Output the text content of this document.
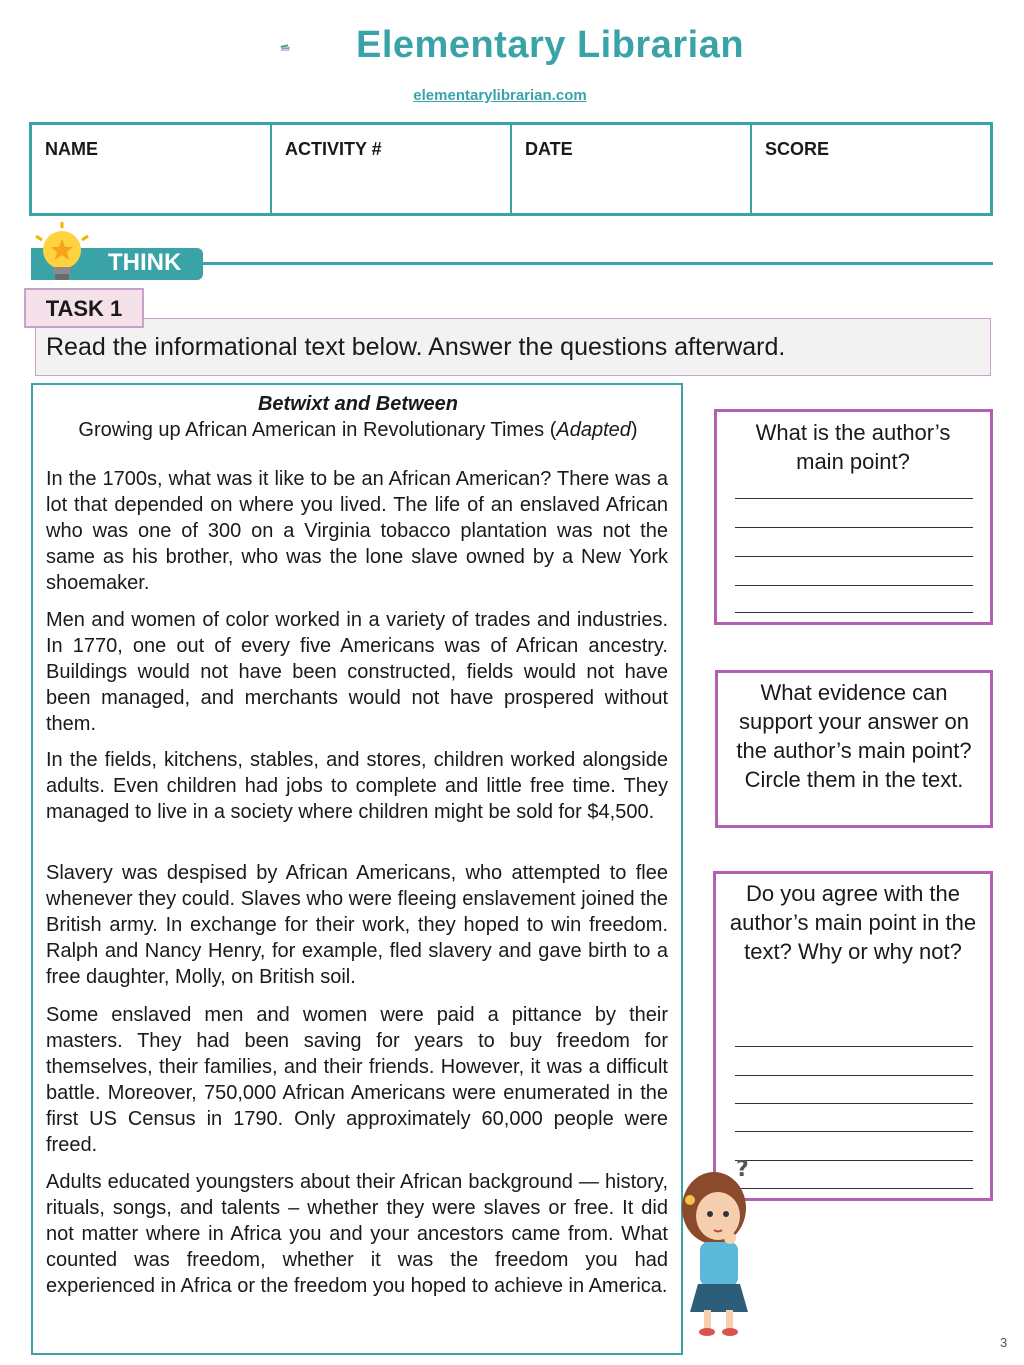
Elementary Librarian
elementarylibrarian.com
NAME	ACTIVITY #	DATE	SCORE
THINK
TASK 1
Read the informational text below. Answer the questions afterward.
Betwixt and Between
Growing up African American in Revolutionary Times (Adapted)
In the 1700s, what was it like to be an African American? There was a lot that depended on where you lived. The life of an enslaved African who was one of 300 on a Virginia tobacco plantation was not the same as his brother, who was the lone slave owned by a New York shoemaker.
Men and women of color worked in a variety of trades and industries. In 1770, one out of every five Americans was of African ancestry. Buildings would not have been constructed, fields would not have been managed, and merchants would not have prospered without them.
In the fields, kitchens, stables, and stores, children worked alongside adults. Even children had jobs to complete and little free time. They managed to live in a society where children might be sold for $4,500.
Slavery was despised by African Americans, who attempted to flee whenever they could. Slaves who were fleeing enslavement joined the British army. In exchange for their work, they hoped to win freedom. Ralph and Nancy Henry, for example, fled slavery and gave birth to a free daughter, Molly, on British soil.
Some enslaved men and women were paid a pittance by their masters. They had been saving for years to buy freedom for themselves, their families, and their friends. However, it was a difficult battle. Moreover, 750,000 African Americans were enumerated in the first US Census in 1790. Only approximately 60,000 people were freed.
Adults educated youngsters about their African background — history, rituals, songs, and talents – whether they were slaves or free. It did not matter where in Africa you and your ancestors came from. What counted was freedom, whether it was the freedom you had experienced in Africa or the freedom you hoped to achieve in America.
What is the author’s main point?
What evidence can support your answer on the author’s main point? Circle them in the text.
Do you agree with the author’s main point in the text? Why or why not?
?
3
